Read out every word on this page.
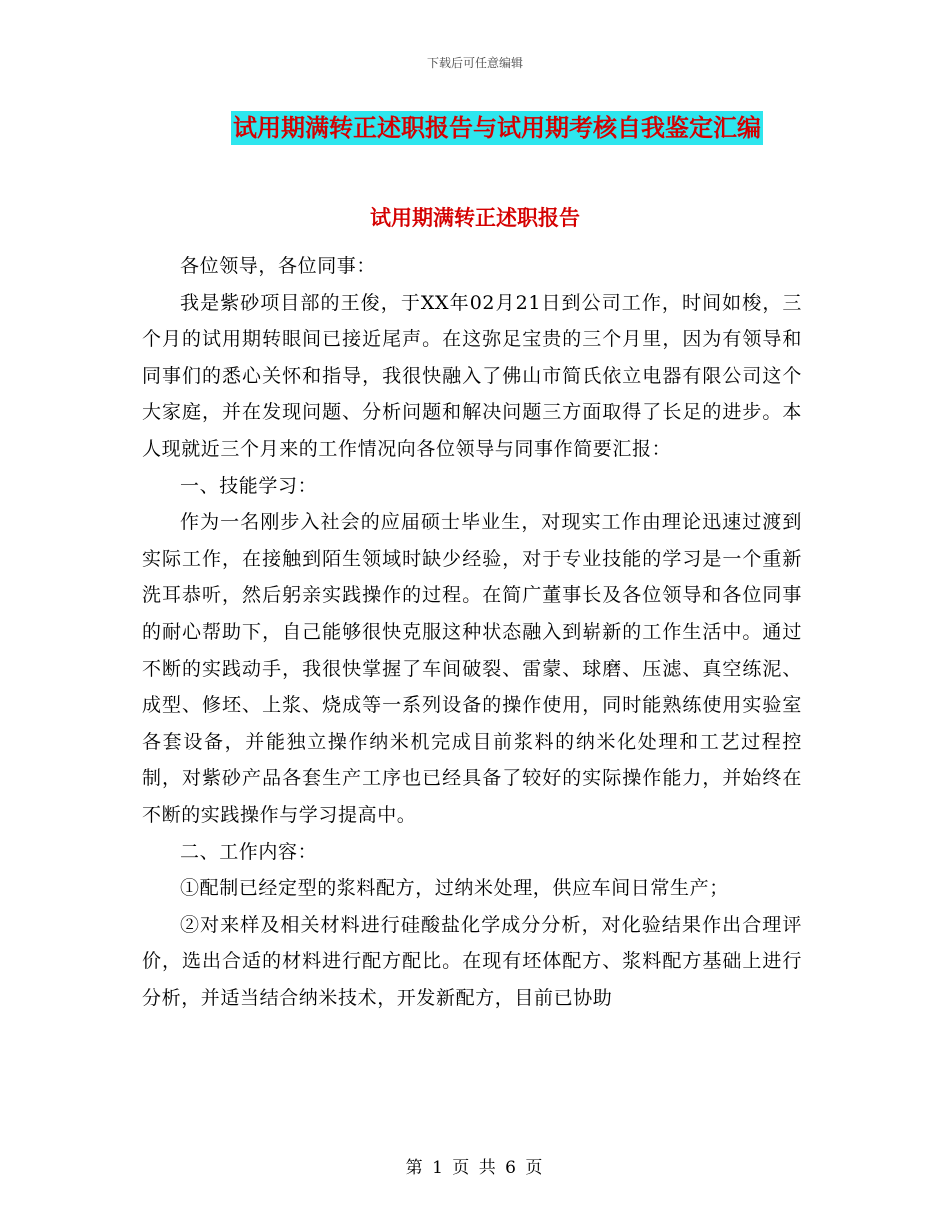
下载后可任意编辑
试用期满转正述职报告与试用期考核自我鉴定汇编
试用期满转正述职报告

各位领导，各位同事：

我是紫砂项目部的王俊，于XX年02月21日到公司工作，时间如梭，三个月的试用期转眼间已接近尾声。在这弥足宝贵的三个月里，因为有领导和同事们的悉心关怀和指导，我很快融入了佛山市简氏依立电器有限公司这个大家庭，并在发现问题、分析问题和解决问题三方面取得了长足的进步。本人现就近三个月来的工作情况向各位领导与同事作简要汇报：

一、技能学习：

作为一名刚步入社会的应届硕士毕业生，对现实工作由理论迅速过渡到实际工作，在接触到陌生领域时缺少经验，对于专业技能的学习是一个重新洗耳恭听，然后躬亲实践操作的过程。在简广董事长及各位领导和各位同事的耐心帮助下，自己能够很快克服这种状态融入到崭新的工作生活中。通过不断的实践动手，我很快掌握了车间破裂、雷蒙、球磨、压滤、真空练泥、成型、修坯、上浆、烧成等一系列设备的操作使用，同时能熟练使用实验室各套设备，并能独立操作纳米机完成目前浆料的纳米化处理和工艺过程控制，对紫砂产品各套生产工序也已经具备了较好的实际操作能力，并始终在不断的实践操作与学习提高中。

二、工作内容：

①配制已经定型的浆料配方，过纳米处理，供应车间日常生产；

②对来样及相关材料进行硅酸盐化学成分分析，对化验结果作出合理评价，选出合适的材料进行配方配比。在现有坯体配方、浆料配方基础上进行分析，并适当结合纳米技术，开发新配方，目前已协助

第 1 页 共 6 页
